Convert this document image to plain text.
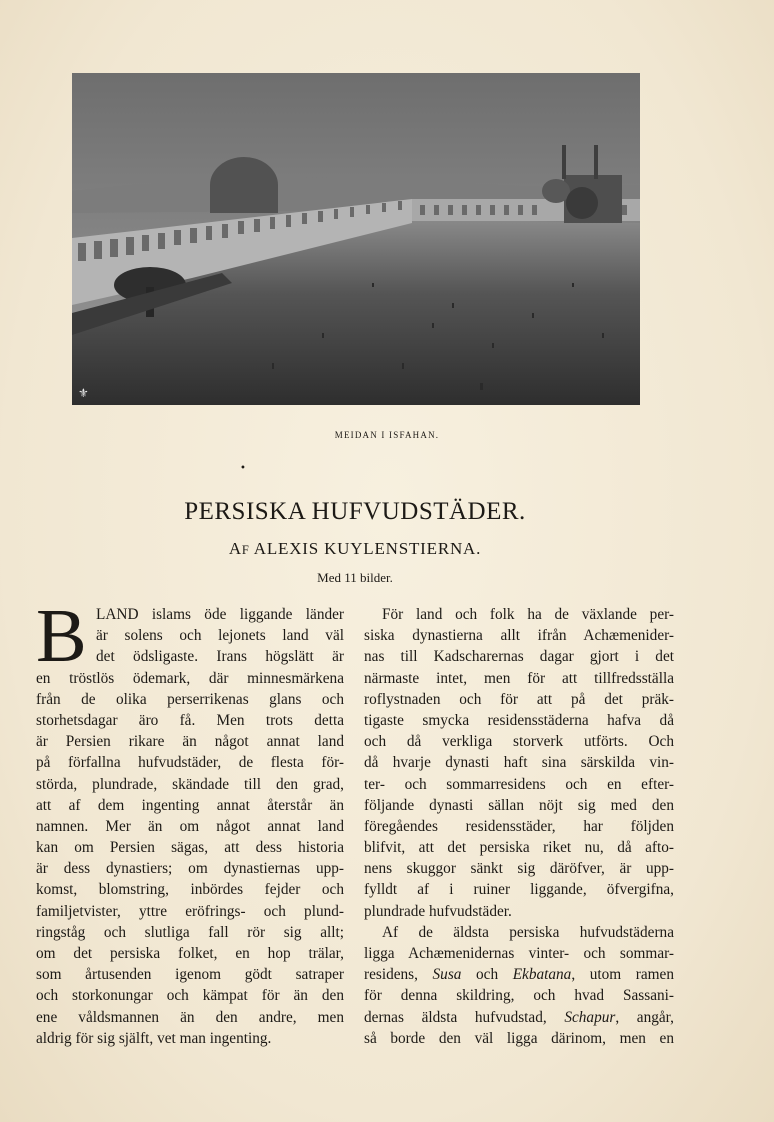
⚜
MEIDAN I ISFAHAN.
•
PERSISKA HUFVUDSTÄDER.
AF ALEXIS KUYLENSTIERNA.
Med 11 bilder.
B LAND islams öde liggande länder
är solens och lejonets land väl
det ödsligaste. Irans högslätt är
en tröstlös ödemark, där minnesmärkena
från de olika perserrikenas glans och
storhetsdagar äro få. Men trots detta
är Persien rikare än något annat land
på förfallna hufvudstäder, de flesta för-
störda, plundrade, skändade till den grad,
att af dem ingenting annat återstår än
namnen. Mer än om något annat land
kan om Persien sägas, att dess historia
är dess dynastiers; om dynastiernas upp-
komst, blomstring, inbördes fejder och
familjetvister, yttre eröfrings- och plund-
ringståg och slutliga fall rör sig allt;
om det persiska folket, en hop trälar,
som årtusenden igenom gödt satraper
och storkonungar och kämpat för än den
ene våldsmannen än den andre, men
aldrig för sig själft, vet man ingenting.
För land och folk ha de växlande per-
siska dynastierna allt ifrån Achæmenider-
nas till Kadscharernas dagar gjort i det
närmaste intet, men för att tillfredsställa
roflystnaden och för att på det präk-
tigaste smycka residensstäderna hafva då
och då verkliga storverk utförts. Och
då hvarje dynasti haft sina särskilda vin-
ter- och sommarresidens och en efter-
följande dynasti sällan nöjt sig med den
föregåendes residensstäder, har följden
blifvit, att det persiska riket nu, då afto-
nens skuggor sänkt sig däröfver, är upp-
fylldt af i ruiner liggande, öfvergifna,
plundrade hufvudstäder.
Af de äldsta persiska hufvudstäderna
ligga Achæmenidernas vinter- och sommar-
residens, Susa och Ekbatana, utom ramen
för denna skildring, och hvad Sassani-
dernas äldsta hufvudstad, Schapur, angår,
så borde den väl ligga därinom, men en
